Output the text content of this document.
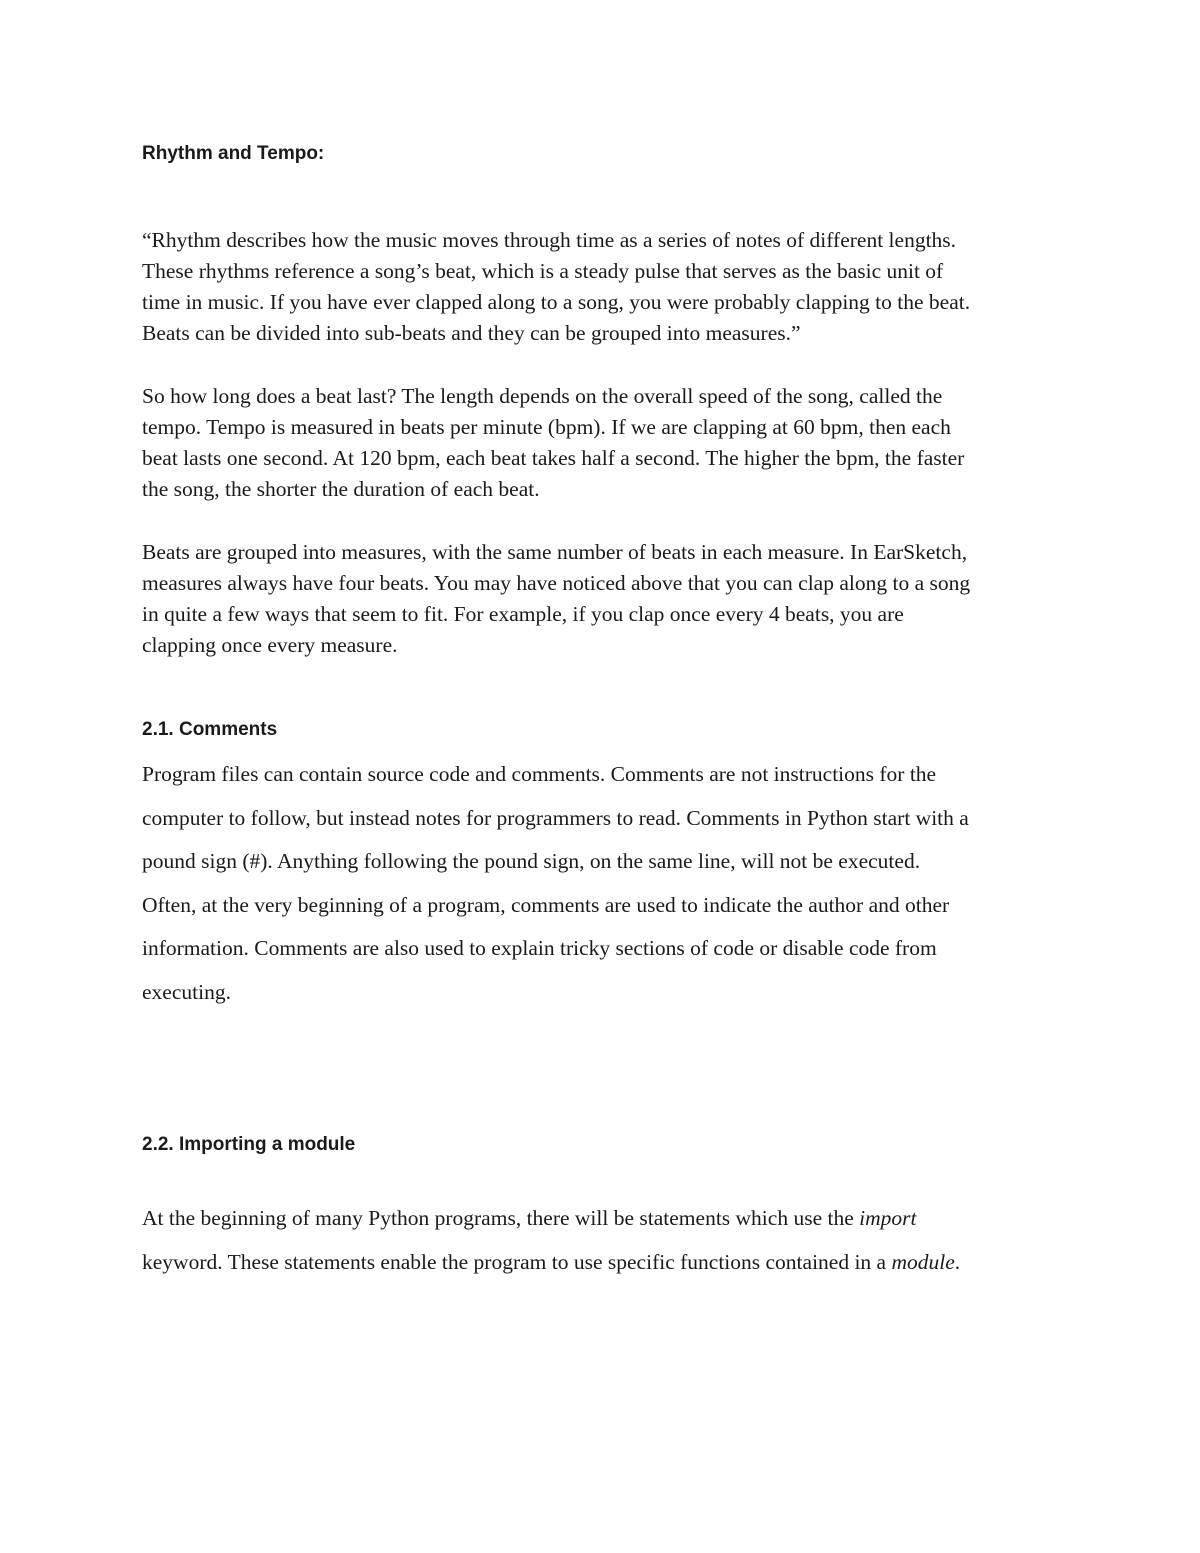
Rhythm and Tempo:
“Rhythm describes how the music moves through time as a series of notes of different lengths.
These rhythms reference a song’s beat, which is a steady pulse that serves as the basic unit of
time in music. If you have ever clapped along to a song, you were probably clapping to the beat.
Beats can be divided into sub-beats and they can be grouped into measures.”
So how long does a beat last? The length depends on the overall speed of the song, called the
tempo. Tempo is measured in beats per minute (bpm). If we are clapping at 60 bpm, then each
beat lasts one second. At 120 bpm, each beat takes half a second. The higher the bpm, the faster
the song, the shorter the duration of each beat.
Beats are grouped into measures, with the same number of beats in each measure. In EarSketch,
measures always have four beats. You may have noticed above that you can clap along to a song
in quite a few ways that seem to fit. For example, if you clap once every 4 beats, you are
clapping once every measure.
2.1. Comments
Program files can contain source code and comments. Comments are not instructions for the
computer to follow, but instead notes for programmers to read. Comments in Python start with a
pound sign (#). Anything following the pound sign, on the same line, will not be executed.
Often, at the very beginning of a program, comments are used to indicate the author and other
information. Comments are also used to explain tricky sections of code or disable code from
executing.
2.2. Importing a module
At the beginning of many Python programs, there will be statements which use the import
keyword. These statements enable the program to use specific functions contained in a module.
